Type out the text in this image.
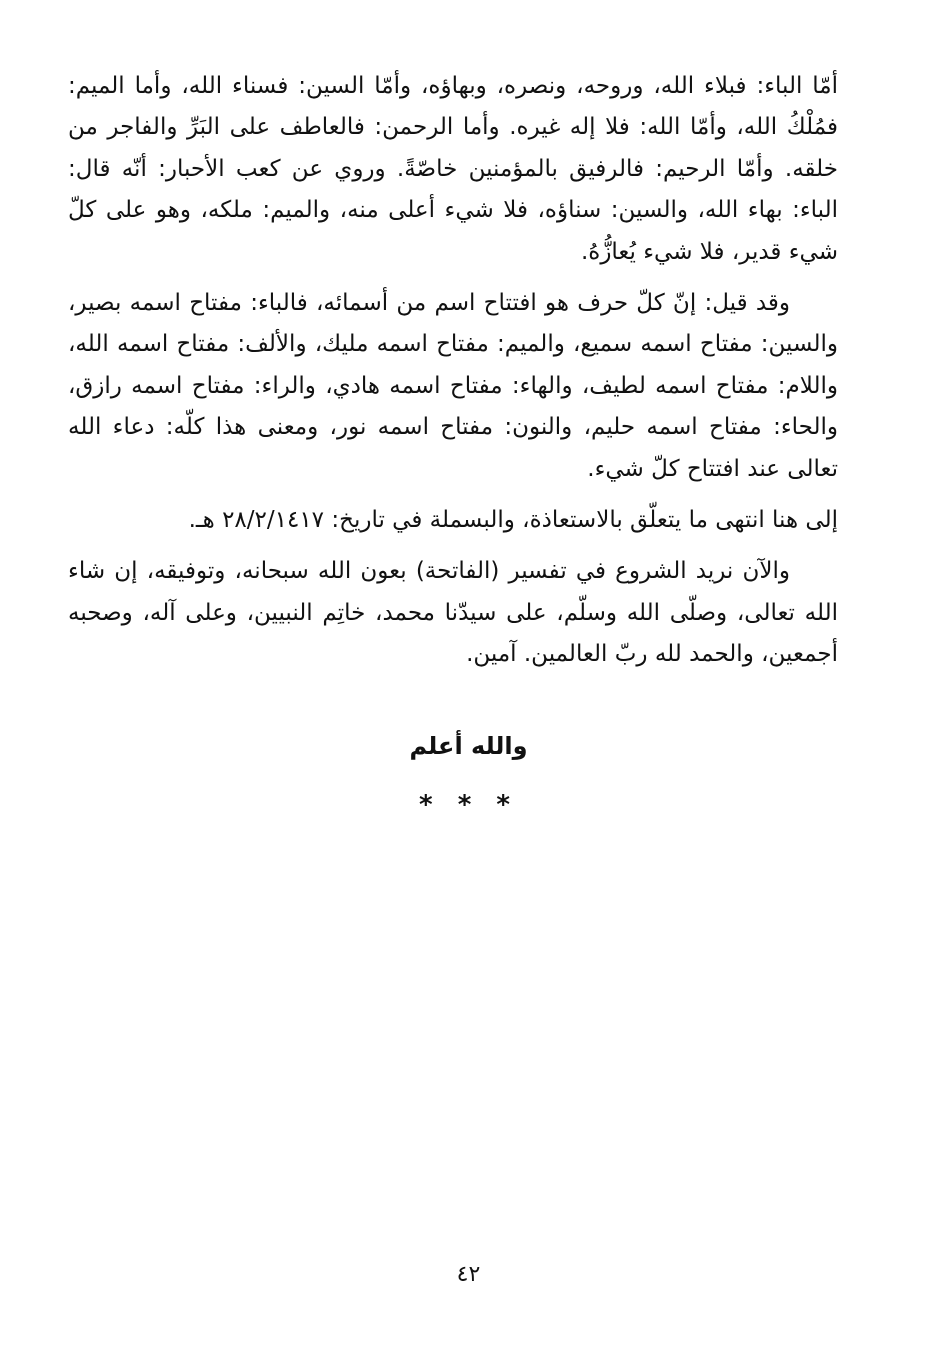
أمّا الباء: فبلاء الله، وروحه، ونصره، وبهاؤه، وأمّا السين: فسناء الله، وأما الميم: فمُلْكُ الله، وأمّا الله: فلا إله غيره. وأما الرحمن: فالعاطف على البَرِّ والفاجر من خلقه. وأمّا الرحيم: فالرفيق بالمؤمنين خاصّةً. وروي عن كعب الأحبار: أنّه قال: الباء: بهاء الله، والسين: سناؤه، فلا شيء أعلى منه، والميم: ملكه، وهو على كلّ شيء قدير، فلا شيء يُعازُّهُ.

وقد قيل: إنّ كلّ حرف هو افتتاح اسم من أسمائه، فالباء: مفتاح اسمه بصير، والسين: مفتاح اسمه سميع، والميم: مفتاح اسمه مليك، والألف: مفتاح اسمه الله، واللام: مفتاح اسمه لطيف، والهاء: مفتاح اسمه هادي، والراء: مفتاح اسمه رازق، والحاء: مفتاح اسمه حليم، والنون: مفتاح اسمه نور، ومعنى هذا كلّه: دعاء الله تعالى عند افتتاح كلّ شيء.

إلى هنا انتهى ما يتعلّق بالاستعاذة، والبسملة في تاريخ: ٢٨/٢/١٤١٧ هـ.

والآن نريد الشروع في تفسير (الفاتحة) بعون الله سبحانه، وتوفيقه، إن شاء الله تعالى، وصلّى الله وسلّم، على سيدّنا محمد، خاتِم النبيين، وعلى آله، وصحبه أجمعين، والحمد لله ربّ العالمين. آمين.

والله أعلم

* * *

٤٢
